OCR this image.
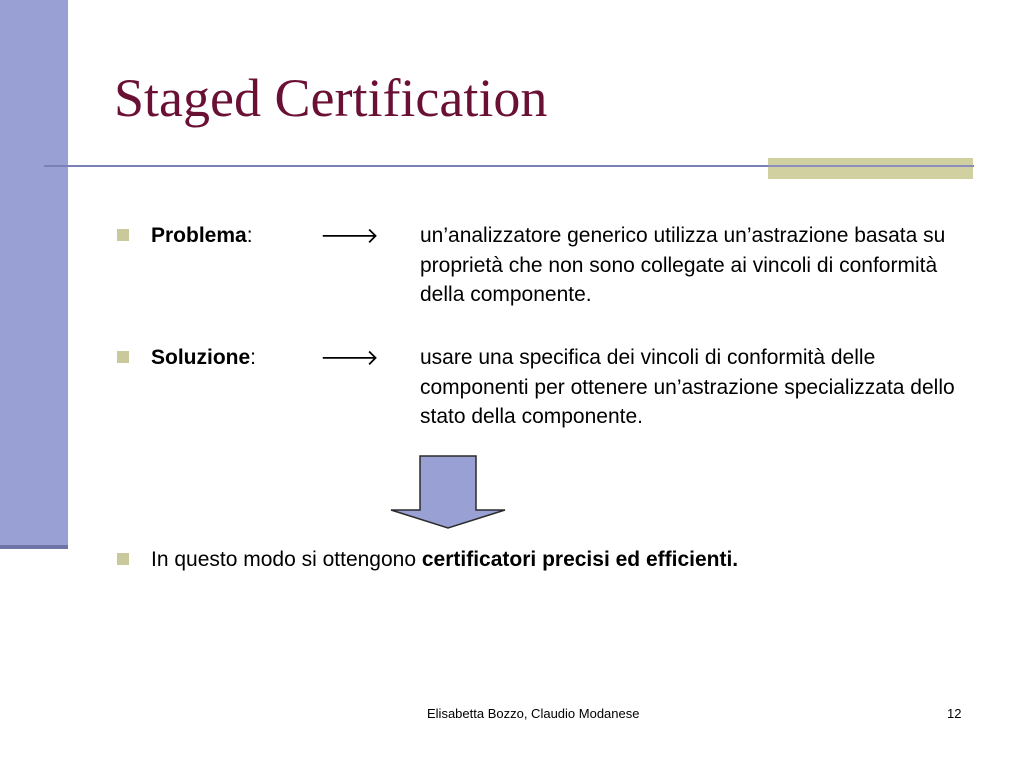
Staged Certification
Problema:	🡒 un’analizzatore generico utilizza un’astrazione basata su proprietà che non sono collegate ai vincoli di conformità della componente.
Soluzione:	🡒 usare una specifica dei vincoli di conformità delle componenti per ottenere un’astrazione specializzata dello stato della componente.
In questo modo si ottengono certificatori precisi ed efficienti.
Elisabetta Bozzo, Claudio Modanese	12
